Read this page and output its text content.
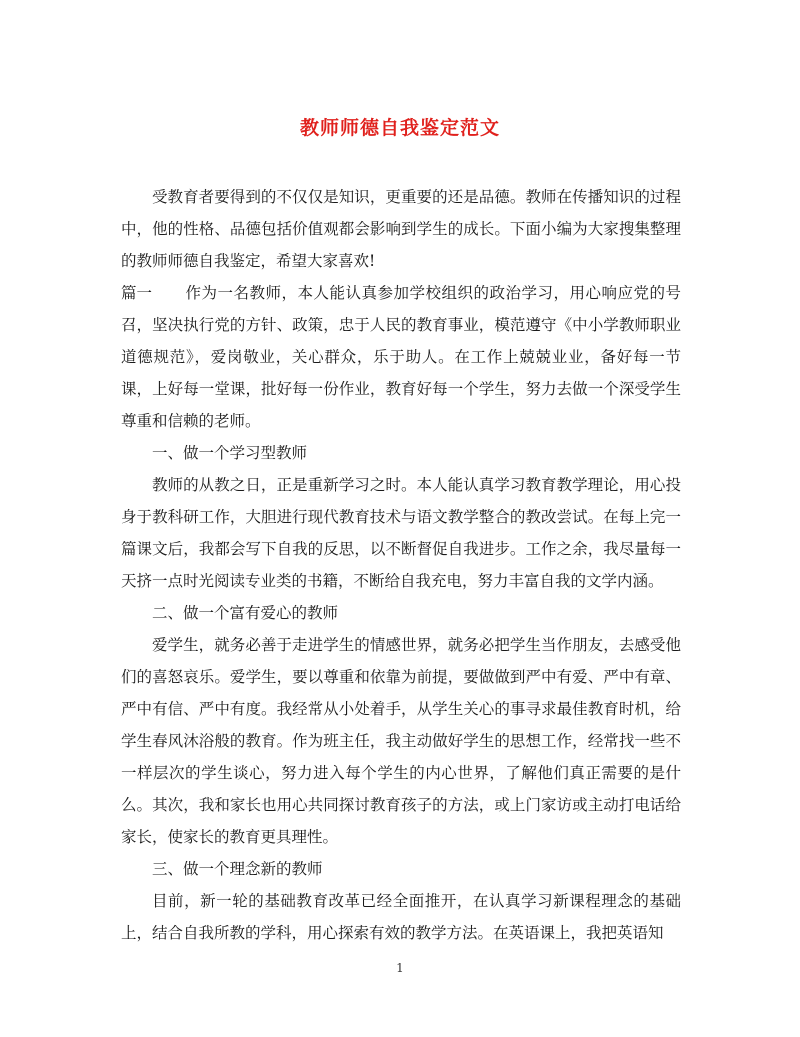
教师师德自我鉴定范文

受教育者要得到的不仅仅是知识，更重要的还是品德。教师在传播知识的过程中，他的性格、品德包括价值观都会影响到学生的成长。下面小编为大家搜集整理的教师师德自我鉴定，希望大家喜欢!

篇一 作为一名教师，本人能认真参加学校组织的政治学习，用心响应党的号召，坚决执行党的方针、政策，忠于人民的教育事业，模范遵守《中小学教师职业道德规范》，爱岗敬业，关心群众，乐于助人。在工作上兢兢业业，备好每一节课，上好每一堂课，批好每一份作业，教育好每一个学生，努力去做一个深受学生尊重和信赖的老师。

一、做一个学习型教师

教师的从教之日，正是重新学习之时。本人能认真学习教育教学理论，用心投身于教科研工作，大胆进行现代教育技术与语文教学整合的教改尝试。在每上完一篇课文后，我都会写下自我的反思，以不断督促自我进步。工作之余，我尽量每一天挤一点时光阅读专业类的书籍，不断给自我充电，努力丰富自我的文学内涵。

二、做一个富有爱心的教师

爱学生，就务必善于走进学生的情感世界，就务必把学生当作朋友，去感受他们的喜怒哀乐。爱学生，要以尊重和依靠为前提，要做做到严中有爱、严中有章、严中有信、严中有度。我经常从小处着手，从学生关心的事寻求最佳教育时机，给学生春风沐浴般的教育。作为班主任，我主动做好学生的思想工作，经常找一些不一样层次的学生谈心，努力进入每个学生的内心世界，了解他们真正需要的是什么。其次，我和家长也用心共同探讨教育孩子的方法，或上门家访或主动打电话给家长，使家长的教育更具理性。

三、做一个理念新的教师

目前，新一轮的基础教育改革已经全面推开，在认真学习新课程理念的基础上，结合自我所教的学科，用心探索有效的教学方法。在英语课上，我把英语知

1
